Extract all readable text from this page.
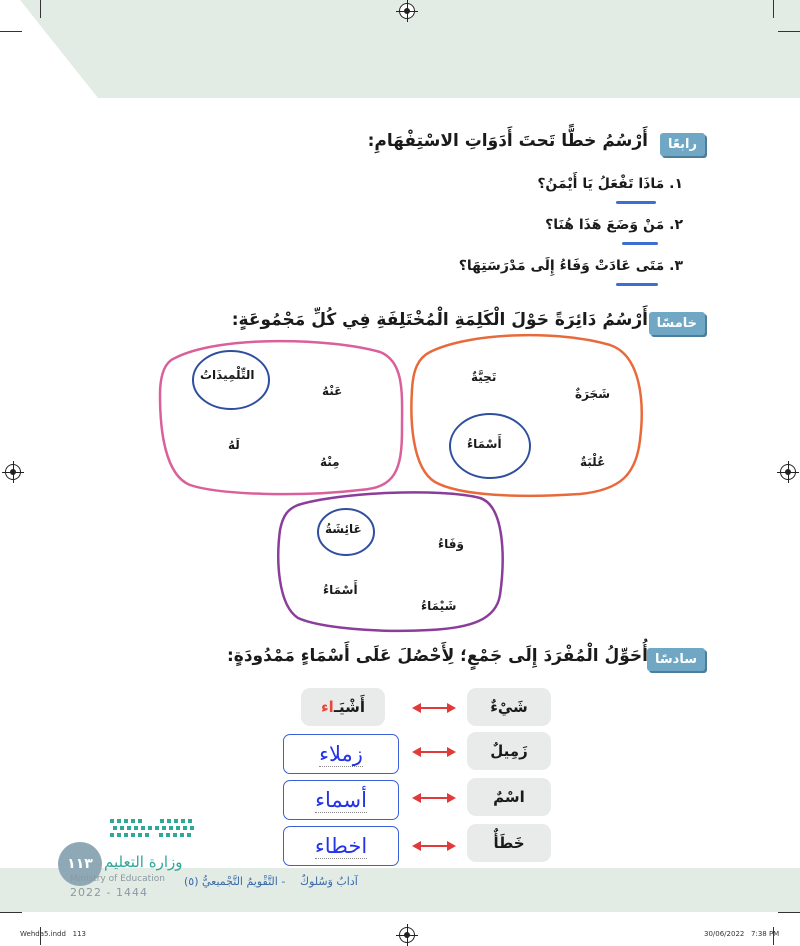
رابعًا
أَرْسُمُ خطًّا تَحتَ أَدَوَاتِ الاسْتِفْهَامِ:
١. مَاذَا تَفْعَلُ يَا أَيْمَنُ؟
٢. مَنْ وَضَعَ هَذَا هُنَا؟
٣. مَتَى عَادَتْ وَفَاءُ إِلَى مَدْرَسَتِهَا؟
خامسًا
أَرْسُمُ دَائِرَةً حَوْلَ الْكَلِمَةِ الْمُخْتَلِفَةِ فِي كُلِّ مَجْمُوعَةٍ:
التِّلْمِيذَاتُ
عَنْهُ
لَهُ
مِنْهُ
تَحِيَّةٌ
شَجَرَةٌ
أَسْمَاءُ
عُلْبَةٌ
عَائِشَةُ
وَفَاءُ
أَسْمَاءُ
شَيْمَاءُ
سادسًا
أُحَوِّلُ الْمُفْرَدَ إِلَى جَمْعٍ؛ لِأَحْصُلَ عَلَى أَسْمَاءٍ مَمْدُودَةٍ:
شَيْءٌ
أَشْيَـ
اء
زَمِيلٌ
زملاء
اسْمٌ
أسماء
خَطَأٌ
اخطاء
١١٣ وزارة التعليم
Ministry of Education
2022 - 1444
آدابٌ وَسُلوكٌ
- التَّقْويمُ التَّجْميعيُّ (٥)
Wehda5.indd   113	30/06/2022   7:38 PM
